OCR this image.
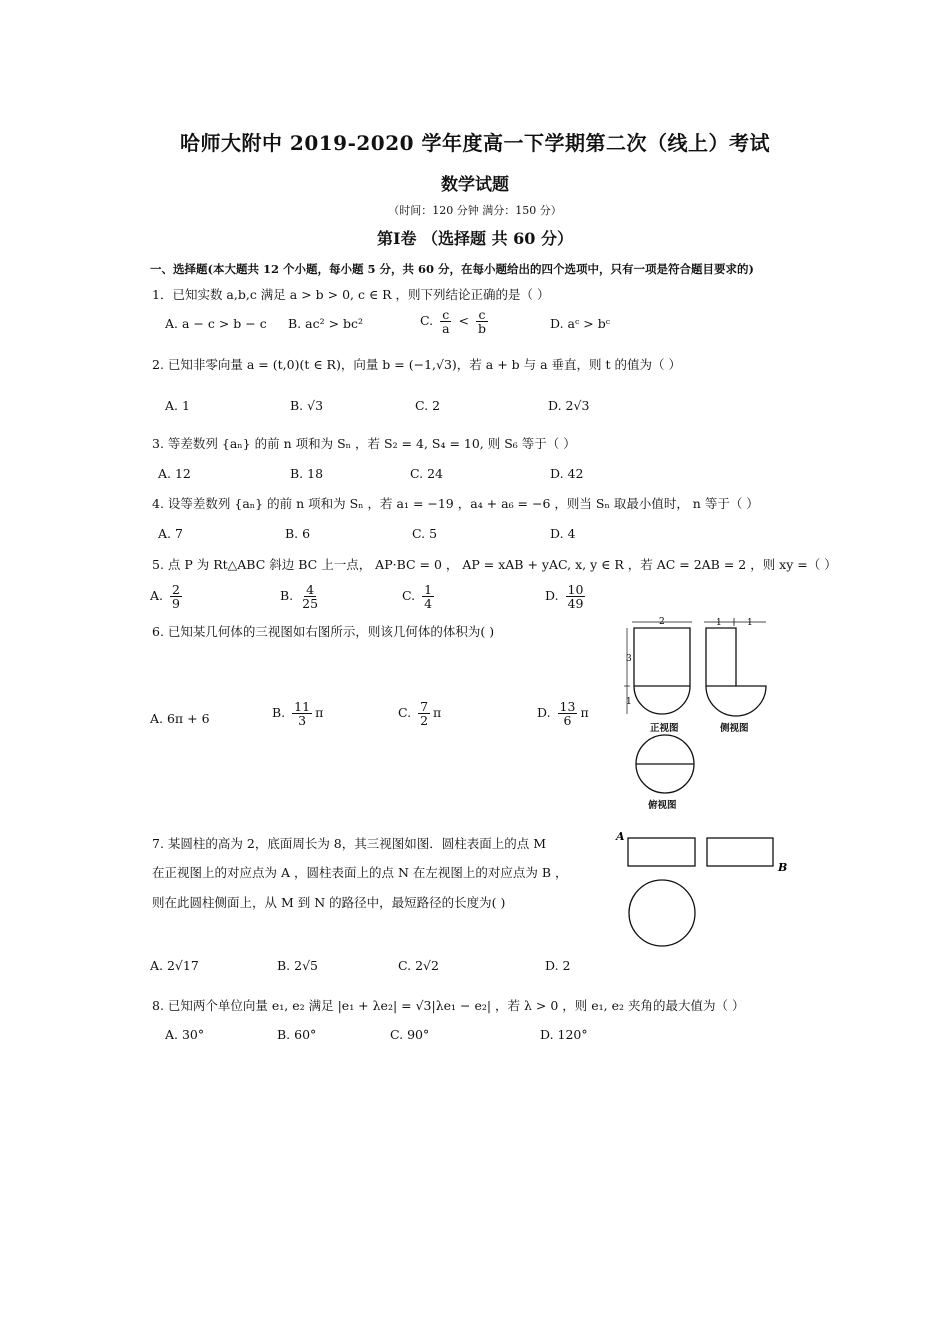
哈师大附中 2019-2020 学年度高一下学期第二次（线上）考试
数学试题
（时间：120 分钟 满分：150 分）
第Ⅰ卷 （选择题 共 60 分）
一、选择题(本大题共 12 个小题，每小题 5 分，共 60 分，在每小题给出的四个选项中，只有一项是符合题目要求的)
1．已知实数 a,b,c 满足 a > b > 0, c ∈ R ，则下列结论正确的是（ ）
A. a − c > b − c B. ac² > bc²	C. $\frac{c}{a} < \frac{c}{b}$	D. aᶜ > bᶜ
2. 已知非零向量 a = (t,0)(t ∈ R)，向量 b = (−1,√3)，若 a + b 与 a 垂直，则 t 的值为（ ）
A. 1	B. √3	C. 2	D. 2√3
3. 等差数列 {aₙ} 的前 n 项和为 Sₙ ，若 S₂ = 4, S₄ = 10, 则 S₆ 等于（ ）
A. 12	B. 18	C. 24	D. 42
4. 设等差数列 {aₙ} 的前 n 项和为 Sₙ ，若 a₁ = −19 ，a₄ + a₆ = −6 ，则当 Sₙ 取最小值时， n 等于（ ）
A. 7	B. 6	C. 5	D. 4
5. 点 P 为 Rt△ABC 斜边 BC 上一点， AP·BC = 0 ， AP = xAB + yAC, x, y ∈ R ，若 AC = 2AB = 2 ，则 xy =（ ）
A. $\frac{2}{9}$	B. $\frac{4}{25}$	C. $\frac{1}{4}$	D. $\frac{10}{49}$
6. 已知某几何体的三视图如右图所示，则该几何体的体积为( )
A. 6π + 6	B. $\frac{11}{3}$ π	C. $\frac{7}{2}$ π	D. $\frac{13}{6}$ π
2
3
1
1	1
正视图	侧视图
俯视图
7. 某圆柱的高为 2，底面周长为 8，其三视图如图．圆柱表面上的点 M
在正视图上的对应点为 A ，圆柱表面上的点 N 在左视图上的对应点为 B ，
则在此圆柱侧面上，从 M 到 N 的路径中，最短路径的长度为( )
A. 2√17	B. 2√5	C. 2√2	D. 2
A
B
8. 已知两个单位向量 e₁, e₂ 满足 |e₁ + λe₂| = √3|λe₁ − e₂| ，若 λ > 0 ，则 e₁, e₂ 夹角的最大值为（ ）
A. 30°	B. 60°	C. 90°	D. 120°
